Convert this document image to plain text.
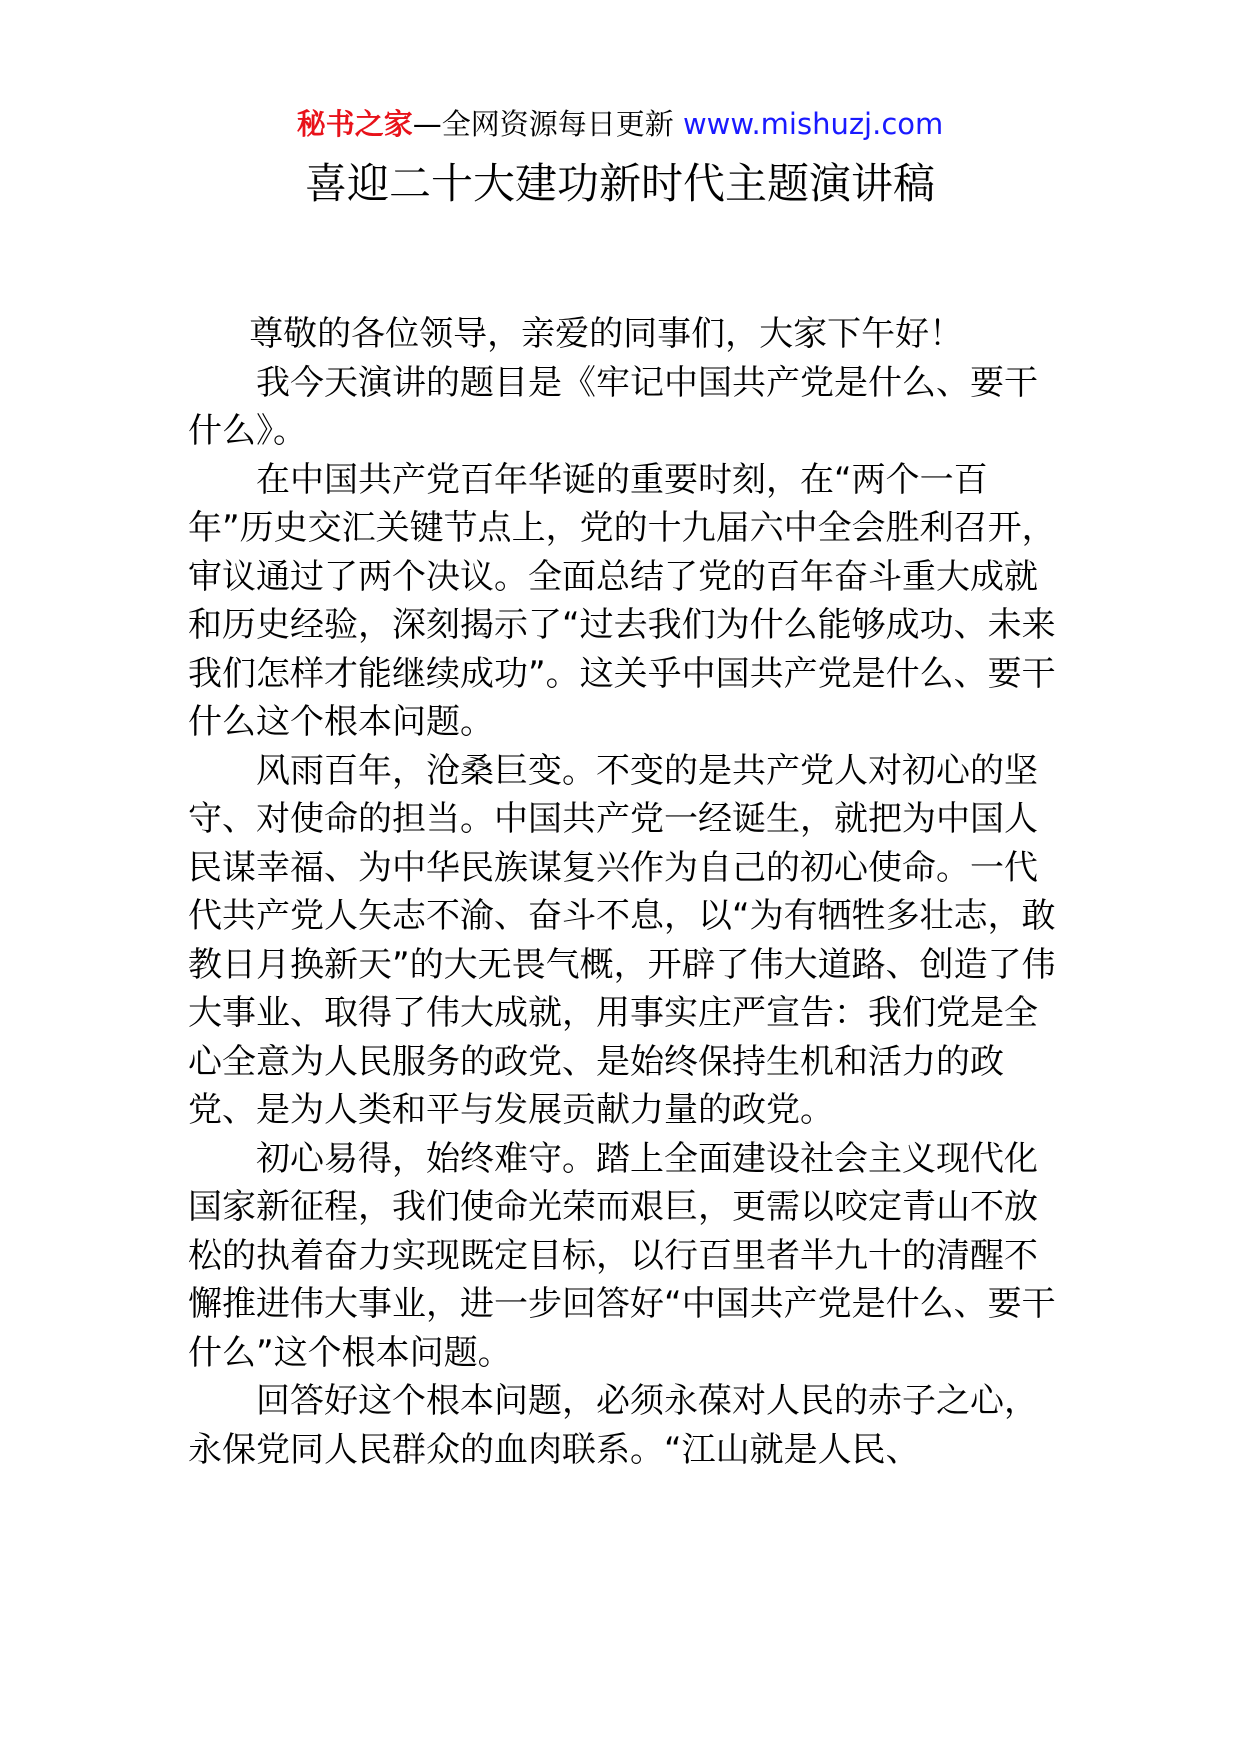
秘书之家—全网资源每日更新 www.mishuzj.com
喜迎二十大建功新时代主题演讲稿

尊敬的各位领导，亲爱的同事们，大家下午好！

我今天演讲的题目是《牢记中国共产党是什么、要干什么》。

在中国共产党百年华诞的重要时刻，在“两个一百年”历史交汇关键节点上，党的十九届六中全会胜利召开，审议通过了两个决议。全面总结了党的百年奋斗重大成就和历史经验，深刻揭示了“过去我们为什么能够成功、未来我们怎样才能继续成功”。这关乎中国共产党是什么、要干什么这个根本问题。

风雨百年，沧桑巨变。不变的是共产党人对初心的坚守、对使命的担当。中国共产党一经诞生，就把为中国人民谋幸福、为中华民族谋复兴作为自己的初心使命。一代代共产党人矢志不渝、奋斗不息，以“为有牺牲多壮志，敢教日月换新天”的大无畏气概，开辟了伟大道路、创造了伟大事业、取得了伟大成就，用事实庄严宣告：我们党是全心全意为人民服务的政党、是始终保持生机和活力的政党、是为人类和平与发展贡献力量的政党。

初心易得，始终难守。踏上全面建设社会主义现代化国家新征程，我们使命光荣而艰巨，更需以咬定青山不放松的执着奋力实现既定目标，以行百里者半九十的清醒不懈推进伟大事业，进一步回答好“中国共产党是什么、要干什么”这个根本问题。

回答好这个根本问题，必须永葆对人民的赤子之心，永保党同人民群众的血肉联系。“江山就是人民、
